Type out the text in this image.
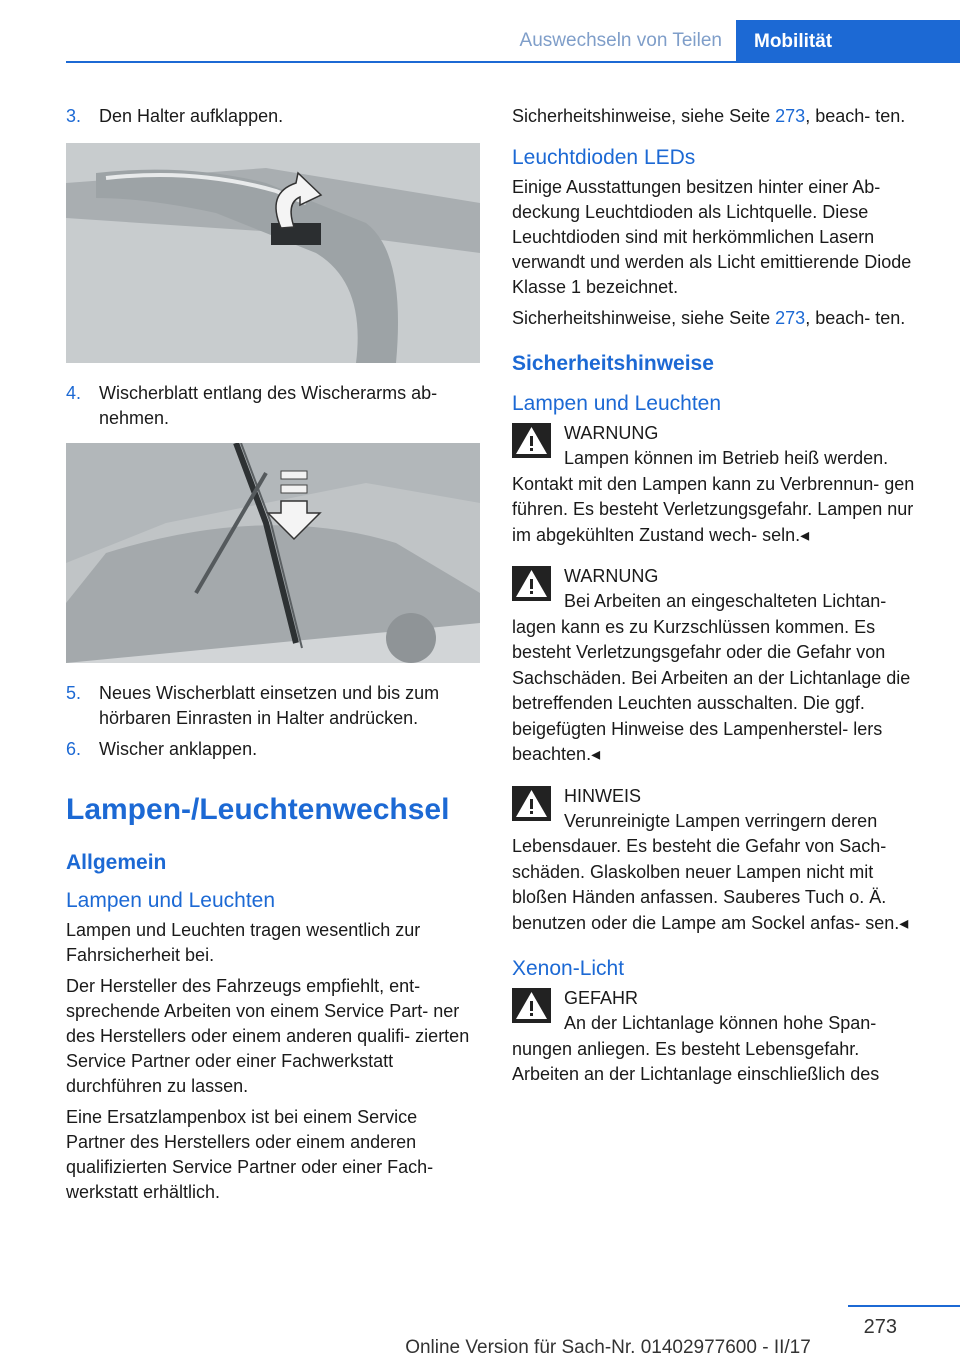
Auswechseln von Teilen	Mobilität
3. Den Halter aufklappen.
4. Wischerblatt entlang des Wischerarms ab‐ nehmen.
5. Neues Wischerblatt einsetzen und bis zum hörbaren Einrasten in Halter andrücken.
6. Wischer anklappen.
Lampen-/Leuchtenwechsel
Allgemein
Lampen und Leuchten

Lampen und Leuchten tragen wesentlich zur Fahrsicherheit bei.

Der Hersteller des Fahrzeugs empfiehlt, ent‐ sprechende Arbeiten von einem Service Part‐ ner des Herstellers oder einem anderen qualifi‐ zierten Service Partner oder einer Fachwerkstatt durchführen zu lassen.

Eine Ersatzlampenbox ist bei einem Service Partner des Herstellers oder einem anderen qualifizierten Service Partner oder einer Fach‐ werkstatt erhältlich.

Sicherheitshinweise, siehe Seite 273, beach‐ ten.

Leuchtdioden LEDs

Einige Ausstattungen besitzen hinter einer Ab‐ deckung Leuchtdioden als Lichtquelle. Diese Leuchtdioden sind mit herkömmlichen Lasern verwandt und werden als Licht emittierende Diode Klasse 1 bezeichnet.

Sicherheitshinweise, siehe Seite 273, beach‐ ten.

Sicherheitshinweise
Lampen und Leuchten
WARNUNG
Lampen können im Betrieb heiß werden.
Kontakt mit den Lampen kann zu Verbrennun‐ gen führen. Es besteht Verletzungsgefahr. Lampen nur im abgekühlten Zustand wech‐ seln.◂
WARNUNG
Bei Arbeiten an eingeschalteten Lichtan‐
lagen kann es zu Kurzschlüssen kommen. Es besteht Verletzungsgefahr oder die Gefahr von Sachschäden. Bei Arbeiten an der Lichtanlage die betreffenden Leuchten ausschalten. Die ggf. beigefügten Hinweise des Lampenherstel‐ lers beachten.◂
HINWEIS
Verunreinigte Lampen verringern deren
Lebensdauer. Es besteht die Gefahr von Sach‐ schäden. Glaskolben neuer Lampen nicht mit bloßen Händen anfassen. Sauberes Tuch o. Ä. benutzen oder die Lampe am Sockel anfas‐ sen.◂
Xenon-Licht
GEFAHR
An der Lichtanlage können hohe Span‐
nungen anliegen. Es besteht Lebensgefahr. Arbeiten an der Lichtanlage einschließlich des
273
Online Version für Sach-Nr. 01402977600 - II/17
